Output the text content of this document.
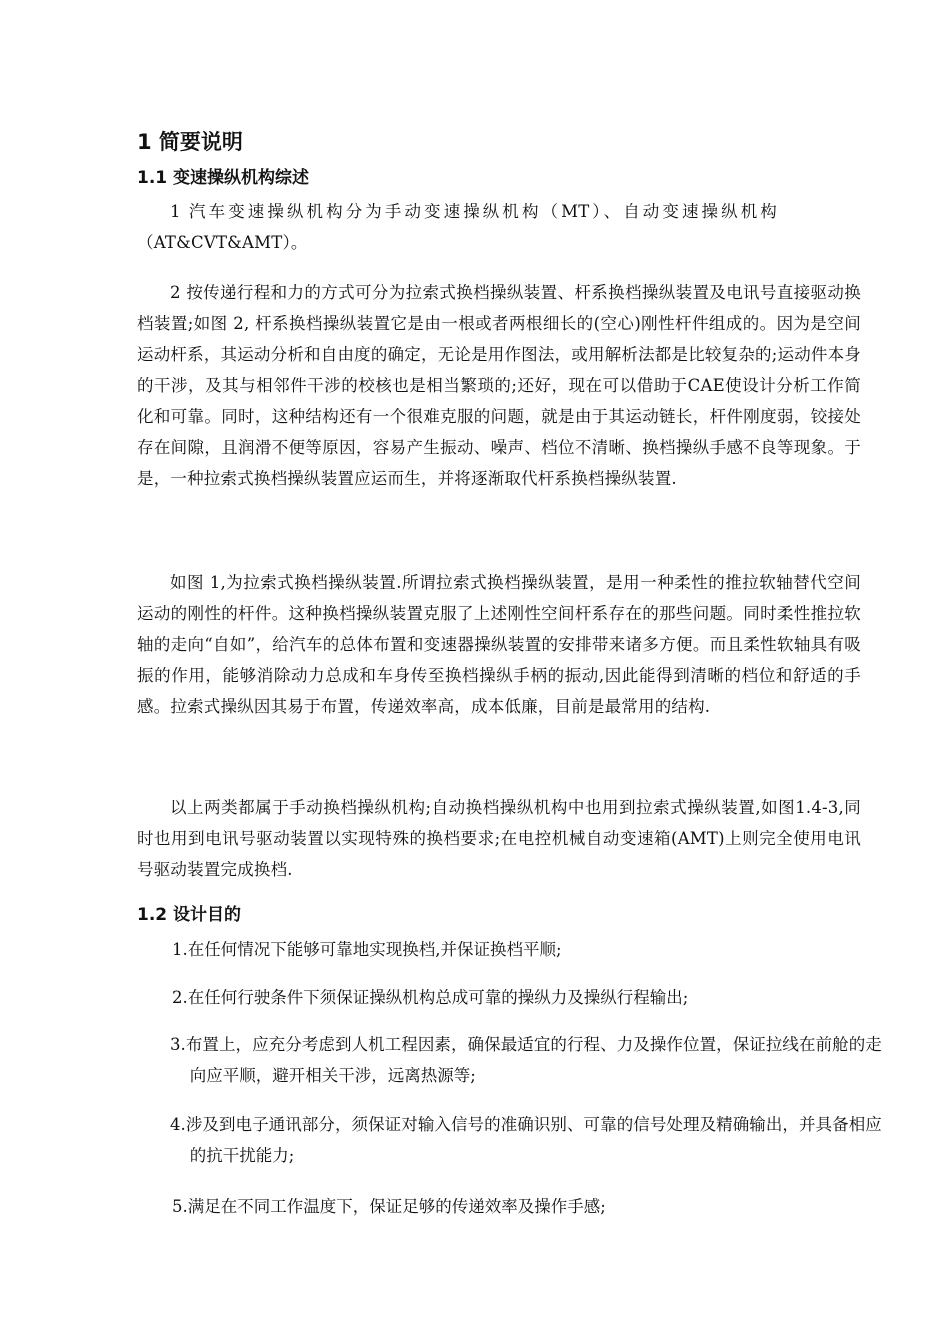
1 简要说明
1.1 变速操纵机构综述

1 汽车变速操纵机构分为手动变速操纵机构（MT）、自动变速操纵机构（AT&CVT&AMT）。

2 按传递行程和力的方式可分为拉索式换档操纵装置、杆系换档操纵装置及电讯号直接驱动换档装置;如图 2, 杆系换档操纵装置它是由一根或者两根细长的(空心)刚性杆件组成的。因为是空间运动杆系，其运动分析和自由度的确定，无论是用作图法，或用解析法都是比较复杂的;运动件本身的干涉，及其与相邻件干涉的校核也是相当繁琐的;还好，现在可以借助于CAE使设计分析工作简化和可靠。同时，这种结构还有一个很难克服的问题，就是由于其运动链长，杆件刚度弱，铰接处存在间隙，且润滑不便等原因，容易产生振动、噪声、档位不清晰、换档操纵手感不良等现象。于是，一种拉索式换档操纵装置应运而生，并将逐渐取代杆系换档操纵装置.

如图 1,为拉索式换档操纵装置.所谓拉索式换档操纵装置，是用一种柔性的推拉软轴替代空间运动的刚性的杆件。这种换档操纵装置克服了上述刚性空间杆系存在的那些问题。同时柔性推拉软轴的走向“自如”，给汽车的总体布置和变速器操纵装置的安排带来诸多方便。而且柔性软轴具有吸振的作用，能够消除动力总成和车身传至换档操纵手柄的振动,因此能得到清晰的档位和舒适的手感。拉索式操纵因其易于布置，传递效率高，成本低廉，目前是最常用的结构.

以上两类都属于手动换档操纵机构;自动换档操纵机构中也用到拉索式操纵装置,如图1.4-3,同时也用到电讯号驱动装置以实现特殊的换档要求;在电控机械自动变速箱(AMT)上则完全使用电讯号驱动装置完成换档.

1.2 设计目的

1.在任何情况下能够可靠地实现换档,并保证换档平顺;

2.在任何行驶条件下须保证操纵机构总成可靠的操纵力及操纵行程输出;

3.布置上，应充分考虑到人机工程因素，确保最适宜的行程、力及操作位置，保证拉线在前舱的走向应平顺，避开相关干涉，远离热源等;

4.涉及到电子通讯部分，须保证对输入信号的准确识别、可靠的信号处理及精确输出，并具备相应的抗干扰能力;

5.满足在不同工作温度下，保证足够的传递效率及操作手感;
